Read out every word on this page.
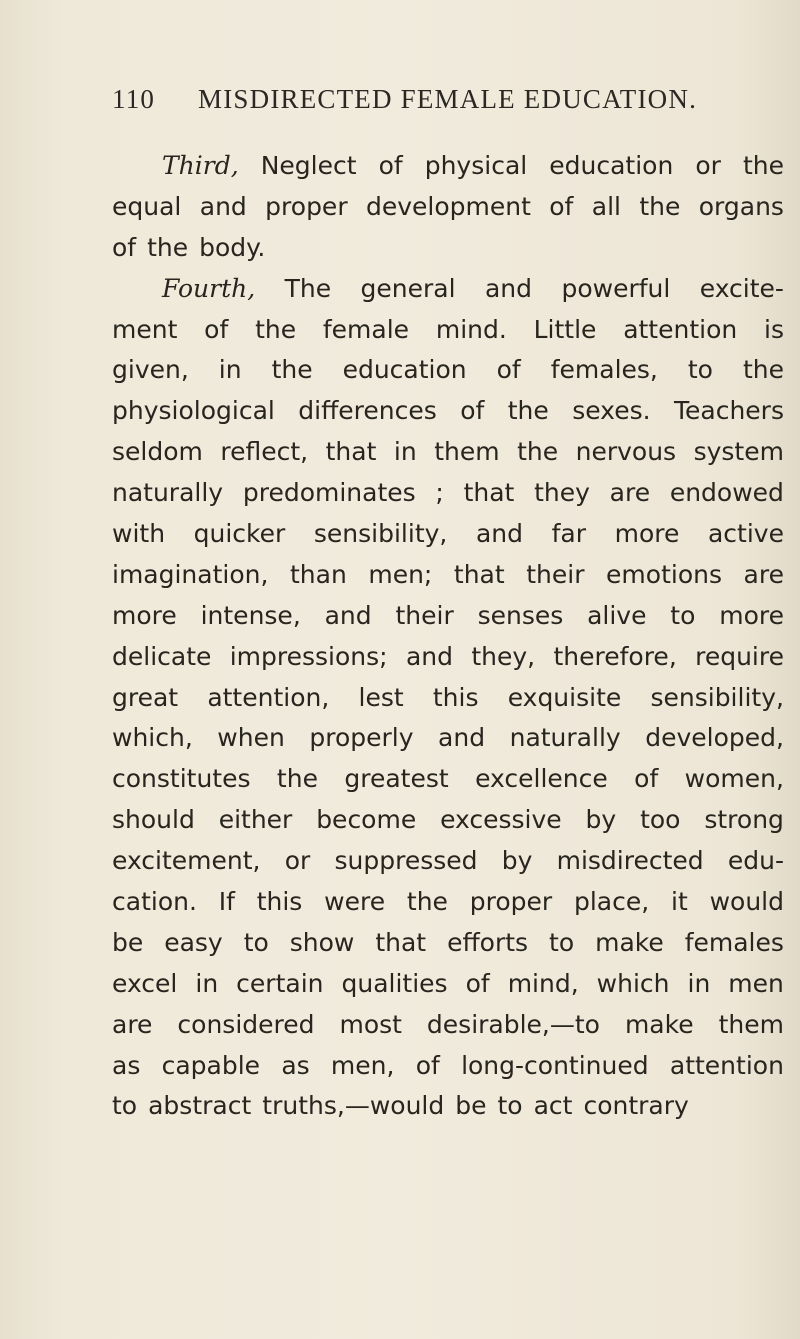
110 MISDIRECTED FEMALE EDUCATION.
Third, Neglect of physical education or the
equal and proper development of all the organs
of the body.
Fourth, The general and powerful excite-
ment of the female mind. Little attention is
given, in the education of females, to the
physiological differences of the sexes. Teachers
seldom reflect, that in them the nervous system
naturally predominates ; that they are endowed
with quicker sensibility, and far more active
imagination, than men; that their emotions are
more intense, and their senses alive to more
delicate impressions; and they, therefore, require
great attention, lest this exquisite sensibility,
which, when properly and naturally developed,
constitutes the greatest excellence of women,
should either become excessive by too strong
excitement, or suppressed by misdirected edu-
cation. If this were the proper place, it would
be easy to show that efforts to make females
excel in certain qualities of mind, which in men
are considered most desirable,—to make them
as capable as men, of long-continued attention
to abstract truths,—would be to act contrary
